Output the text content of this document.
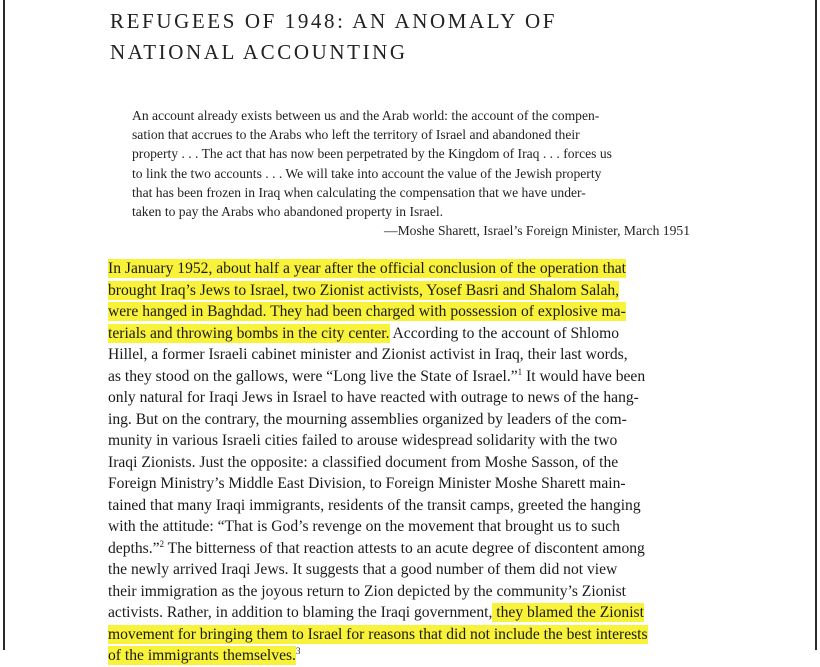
REFUGEES OF 1948: AN ANOMALY OF
NATIONAL ACCOUNTING
An account already exists between us and the Arab world: the account of the compen-
sation that accrues to the Arabs who left the territory of Israel and abandoned their
property . . . The act that has now been perpetrated by the Kingdom of Iraq . . . forces us
to link the two accounts . . . We will take into account the value of the Jewish property
that has been frozen in Iraq when calculating the compensation that we have under-
taken to pay the Arabs who abandoned property in Israel.
—Moshe Sharett, Israel’s Foreign Minister, March 1951
In January 1952, about half a year after the official conclusion of the operation that
brought Iraq’s Jews to Israel, two Zionist activists, Yosef Basri and Shalom Salah,
were hanged in Baghdad. They had been charged with possession of explosive ma-
terials and throwing bombs in the city center. According to the account of Shlomo
Hillel, a former Israeli cabinet minister and Zionist activist in Iraq, their last words,
as they stood on the gallows, were “Long live the State of Israel.”$^1$ It would have been
only natural for Iraqi Jews in Israel to have reacted with outrage to news of the hang-
ing. But on the contrary, the mourning assemblies organized by leaders of the com-
munity in various Israeli cities failed to arouse widespread solidarity with the two
Iraqi Zionists. Just the opposite: a classified document from Moshe Sasson, of the
Foreign Ministry’s Middle East Division, to Foreign Minister Moshe Sharett main-
tained that many Iraqi immigrants, residents of the transit camps, greeted the hanging
with the attitude: “That is God’s revenge on the movement that brought us to such
depths.”$^2$ The bitterness of that reaction attests to an acute degree of discontent among
the newly arrived Iraqi Jews. It suggests that a good number of them did not view
their immigration as the joyous return to Zion depicted by the community’s Zionist
activists. Rather, in addition to blaming the Iraqi government, they blamed the Zionist
movement for bringing them to Israel for reasons that did not include the best interests
of the immigrants themselves.$^3$
